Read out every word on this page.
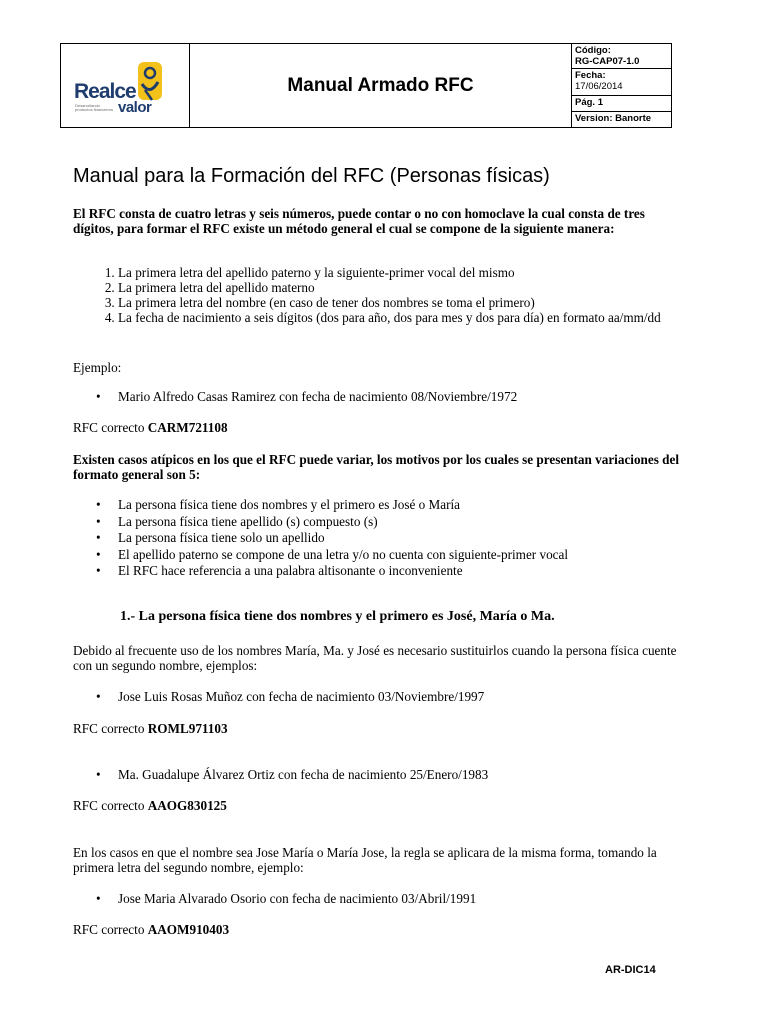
Realce
Desarrollando productos financieros valor
Manual Armado RFC
Código:
RG-CAP07-1.0
Fecha:
17/06/2014
Pág. 1
Version: Banorte
Manual para la Formación del RFC (Personas físicas)
El RFC consta de cuatro letras y seis números, puede contar o no con homoclave la cual consta de tres dígitos, para formar el RFC existe un método general el cual se compone de la siguiente manera:
1. La primera letra del apellido paterno y la siguiente-primer vocal del mismo
2. La primera letra del apellido materno
3. La primera letra del nombre (en caso de tener dos nombres se toma el primero)
4. La fecha de nacimiento a seis dígitos (dos para año, dos para mes y dos para día) en formato aa/mm/dd
Ejemplo:
• Mario Alfredo Casas Ramirez con fecha de nacimiento 08/Noviembre/1972
RFC correcto CARM721108
Existen casos atípicos en los que el RFC puede variar, los motivos por los cuales se presentan variaciones del formato general son 5:
• La persona física tiene dos nombres y el primero es José o María
• La persona física tiene apellido (s) compuesto (s)
• La persona física tiene solo un apellido
• El apellido paterno se compone de una letra y/o no cuenta con siguiente-primer vocal
• El RFC hace referencia a una palabra altisonante o inconveniente
1.- La persona física tiene dos nombres y el primero es José, María o Ma.
Debido al frecuente uso de los nombres María, Ma. y José es necesario sustituirlos cuando la persona física cuente con un segundo nombre, ejemplos:
• Jose Luis Rosas Muñoz con fecha de nacimiento 03/Noviembre/1997
RFC correcto ROML971103
• Ma. Guadalupe Álvarez Ortiz con fecha de nacimiento 25/Enero/1983
RFC correcto AAOG830125
En los casos en que el nombre sea Jose María o María Jose, la regla se aplicara de la misma forma, tomando la primera letra del segundo nombre, ejemplo:
• Jose Maria Alvarado Osorio con fecha de nacimiento 03/Abril/1991
RFC correcto AAOM910403
AR-DIC14
